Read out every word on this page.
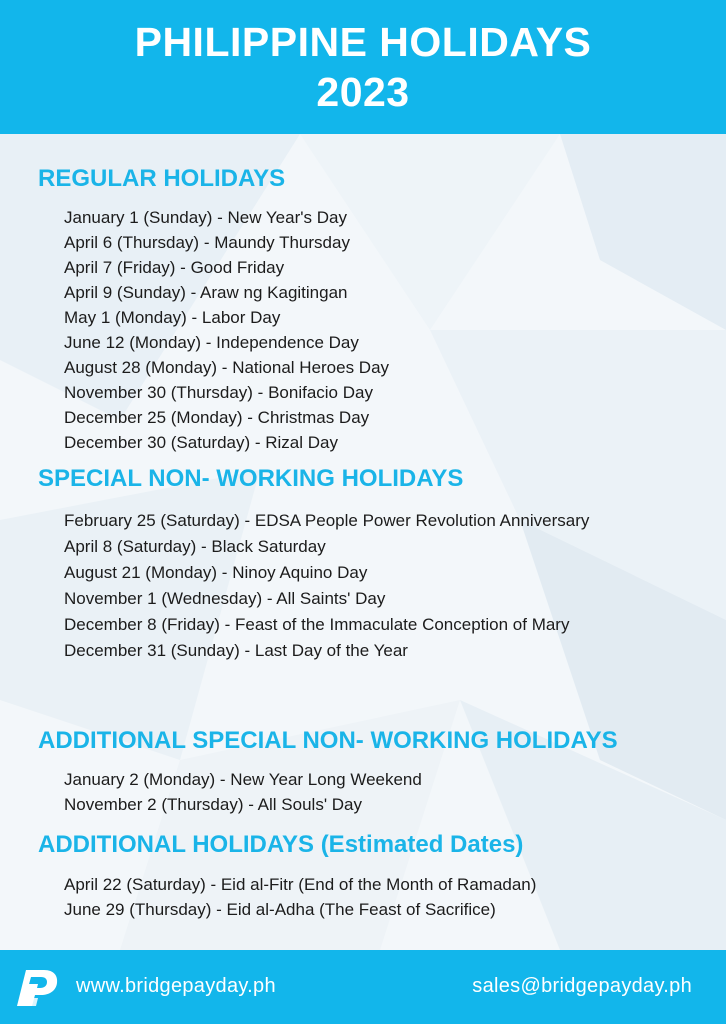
PHILIPPINE HOLIDAYS
2023
REGULAR HOLIDAYS
January 1 (Sunday) - New Year's Day
April 6 (Thursday) - Maundy Thursday
April 7 (Friday) - Good Friday
April 9 (Sunday) - Araw ng Kagitingan
May 1 (Monday) - Labor Day
June 12 (Monday) - Independence Day
August 28 (Monday) - National Heroes Day
November 30 (Thursday) - Bonifacio Day
December 25 (Monday) - Christmas Day
December 30 (Saturday) - Rizal Day
SPECIAL NON- WORKING HOLIDAYS
February 25 (Saturday) - EDSA People Power Revolution Anniversary
April 8 (Saturday) - Black Saturday
August 21 (Monday) - Ninoy Aquino Day
November 1 (Wednesday) - All Saints' Day
December 8 (Friday) - Feast of the Immaculate Conception of Mary
December 31 (Sunday) - Last Day of the Year
ADDITIONAL SPECIAL NON- WORKING HOLIDAYS
January 2 (Monday) - New Year Long Weekend
November 2 (Thursday) - All Souls' Day
ADDITIONAL HOLIDAYS (Estimated Dates)
April 22 (Saturday) - Eid al-Fitr (End of the Month of Ramadan)
June 29 (Thursday) - Eid al-Adha (The Feast of Sacrifice)
www.bridgepayday.ph	sales@bridgepayday.ph
